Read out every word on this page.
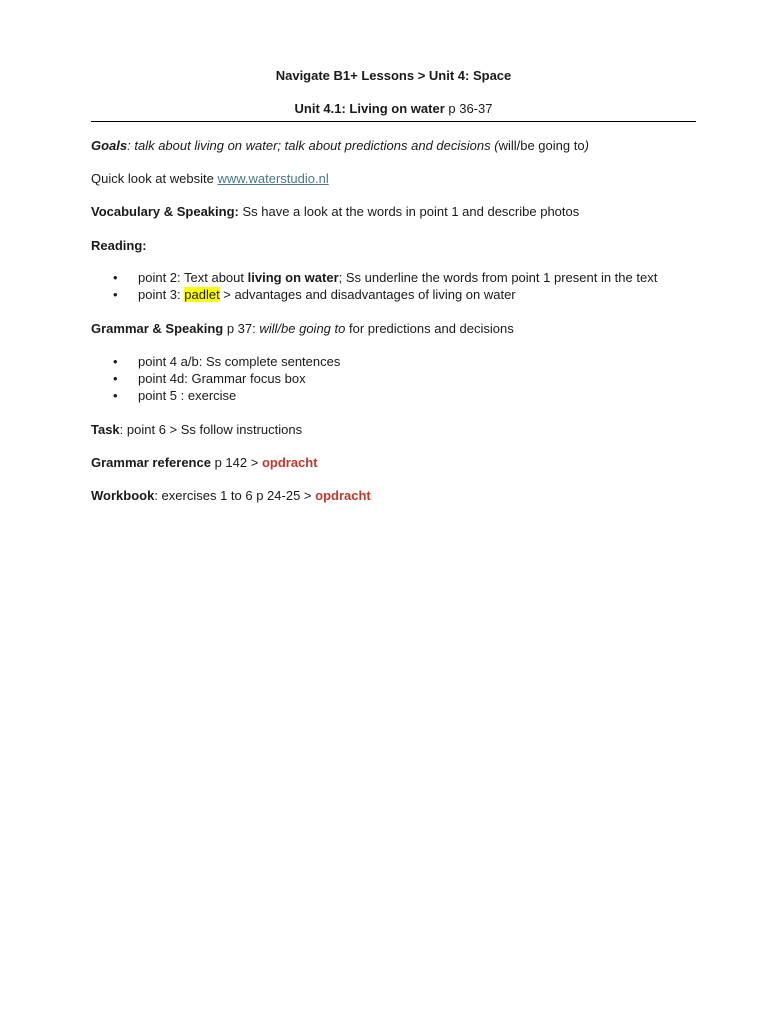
Navigate B1+ Lessons > Unit 4: Space
Unit 4.1: Living on water p 36-37
Goals: talk about living on water; talk about predictions and decisions (will/be going to)
Quick look at website www.waterstudio.nl
Vocabulary & Speaking: Ss have a look at the words in point 1 and describe photos
Reading:
• point 2: Text about living on water; Ss underline the words from point 1 present in the text
• point 3: padlet > advantages and disadvantages of living on water
Grammar & Speaking p 37: will/be going to for predictions and decisions
• point 4 a/b: Ss complete sentences
• point 4d: Grammar focus box
• point 5 : exercise
Task: point 6 > Ss follow instructions
Grammar reference p 142 > opdracht
Workbook: exercises 1 to 6 p 24-25 > opdracht
